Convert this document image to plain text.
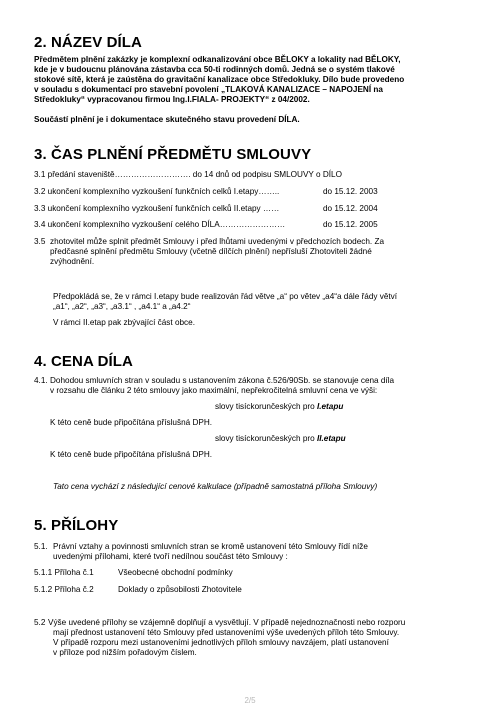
2. NÁZEV DÍLA
Předmětem plnění zakázky je komplexní odkanalizování obce BĚLOKY a lokality nad BĚLOKY,
kde je v budoucnu plánována zástavba cca 50-ti rodinných domů. Jedná se o systém tlakové
stokové sítě, která je zaústěna do gravitační kanalizace obce Středokluky. Dílo bude provedeno
v souladu s dokumentací pro stavební povolení „TLAKOVÁ KANALIZACE – NAPOJENÍ na
Středokluky“ vypracovanou firmou Ing.I.FIALA- PROJEKTY“ z 04/2002.
Součástí plnění je i dokumentace skutečného stavu provedení DÍLA.
3. ČAS PLNĚNÍ PŘEDMĚTU SMLOUVY
3.1 předání staveniště………………………. do 14 dnů od podpisu SMLOUVY o DÍLO
3.2 ukončení komplexního vyzkoušení funkčních celků I.etapy……..	do 15.12. 2003
3.3 ukončení komplexního vyzkoušení funkčních celků II.etapy ……	do 15.12. 2004
3.4 ukončení komplexního vyzkoušení celého DÍLA……………………	do 15.12. 2005
3.5 zhotovitel může splnit předmět Smlouvy i před lhůtami uvedenými v předchozích bodech. Za
předčasné splnění předmětu Smlouvy (včetně dílčích plnění) nepřísluší Zhotoviteli žádné
zvýhodnění.
Předpokládá se, že v rámci I.etapy bude realizován řád větve „a“ po větev „a4“a dále řády větví
„a1“, „a2“, „a3“, „a3.1“ , „a4.1“ a „a4.2“
V rámci II.etap pak zbývající část obce.
4. CENA DÍLA
4.1. Dohodou smluvních stran v souladu s ustanovením zákona č.526/90Sb. se stanovuje cena díla
v rozsahu dle článku 2 této smlouvy jako maximální, nepřekročitelná smluvní cena ve výši:
slovy tisíckorunčeských pro I.etapu
K této ceně bude připočítána příslušná DPH.
slovy tisíckorunčeských pro II.etapu
K této ceně bude připočítána příslušná DPH.
Tato cena vychází z následující cenové kalkulace (případně samostatná příloha Smlouvy)
5. PŘÍLOHY
5.1. Právní vztahy a povinnosti smluvních stran se kromě ustanovení této Smlouvy řídí níže
uvedenými přílohami, které tvoří nedílnou součást této Smlouvy :
5.1.1 Příloha č.1	Všeobecné obchodní podmínky
5.1.2 Příloha č.2	Doklady o způsobilosti Zhotovitele
5.2 Výše uvedené přílohy se vzájemně doplňují a vysvětlují. V případě nejednoznačnosti nebo rozporu
mají přednost ustanovení této Smlouvy před ustanoveními výše uvedených příloh této Smlouvy.
V případě rozporu mezi ustanoveními jednotlivých příloh smlouvy navzájem, platí ustanovení
v příloze pod nižším pořadovým číslem.
2/5
